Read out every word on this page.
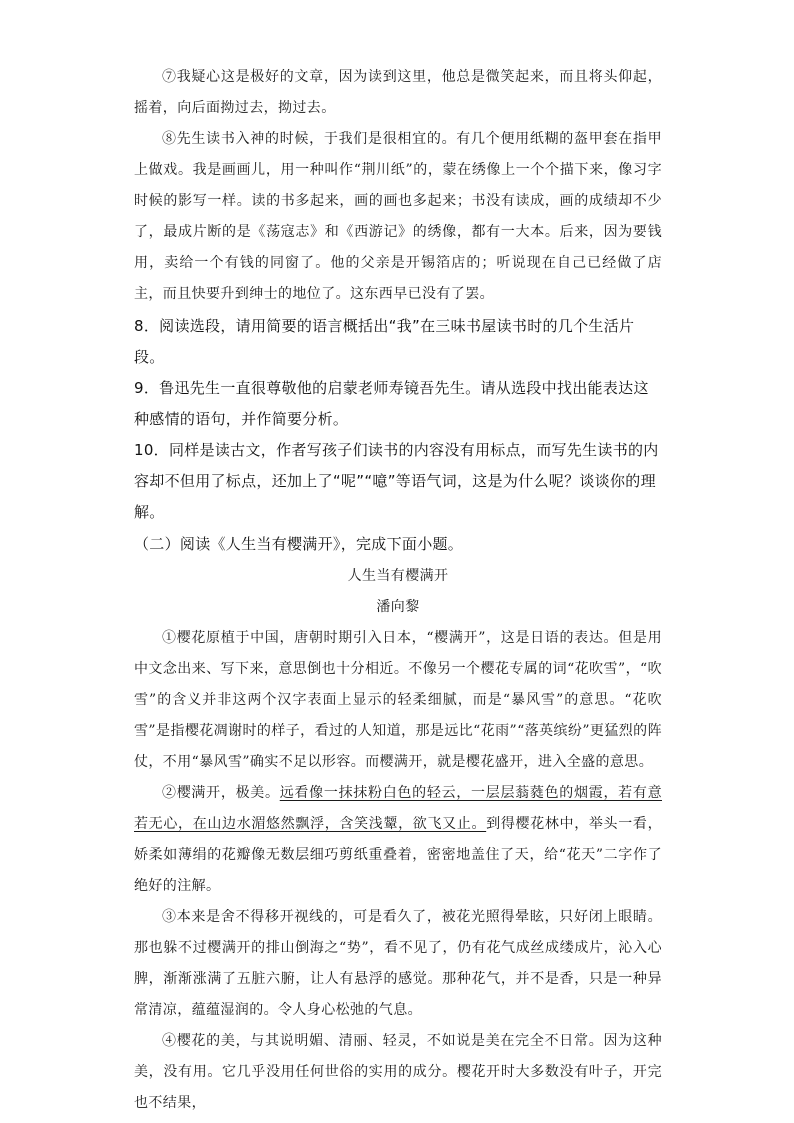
⑦我疑心这是极好的文章，因为读到这里，他总是微笑起来，而且将头仰起，摇着，向后面拗过去，拗过去。

⑧先生读书入神的时候，于我们是很相宜的。有几个便用纸糊的盔甲套在指甲上做戏。我是画画儿，用一种叫作“荆川纸”的，蒙在绣像上一个个描下来，像习字时候的影写一样。读的书多起来，画的画也多起来；书没有读成，画的成绩却不少了，最成片断的是《荡寇志》和《西游记》的绣像，都有一大本。后来，因为要钱用，卖给一个有钱的同窗了。他的父亲是开锡箔店的；听说现在自己已经做了店主，而且快要升到绅士的地位了。这东西早已没有了罢。

8．阅读选段，请用简要的语言概括出“我”在三味书屋读书时的几个生活片段。

9．鲁迅先生一直很尊敬他的启蒙老师寿镜吾先生。请从选段中找出能表达这种感情的语句，并作简要分析。

10．同样是读古文，作者写孩子们读书的内容没有用标点，而写先生读书的内容却不但用了标点，还加上了“呢”“噫”等语气词，这是为什么呢？谈谈你的理解。

（二）阅读《人生当有樱满开》，完成下面小题。

人生当有樱满开

潘向黎

①樱花原植于中国，唐朝时期引入日本，“樱满开”，这是日语的表达。但是用中文念出来、写下来，意思倒也十分相近。不像另一个樱花专属的词“花吹雪”，“吹雪”的含义并非这两个汉字表面上显示的轻柔细腻，而是“暴风雪”的意思。“花吹雪”是指樱花凋谢时的样子，看过的人知道，那是远比“花雨”“落英缤纷”更猛烈的阵仗，不用“暴风雪”确实不足以形容。而樱满开，就是樱花盛开，进入全盛的意思。

②樱满开，极美。远看像一抹抹粉白色的轻云，一层层蓊蕤色的烟霞，若有意若无心，在山边水湄悠然飘浮，含笑浅颦，欲飞又止。到得樱花林中，举头一看，娇柔如薄绢的花瓣像无数层细巧剪纸重叠着，密密地盖住了天，给“花天”二字作了绝好的注解。

③本来是舍不得移开视线的，可是看久了，被花光照得晕眩，只好闭上眼睛。那也躲不过樱满开的排山倒海之“势”，看不见了，仍有花气成丝成缕成片，沁入心脾，渐渐涨满了五脏六腑，让人有悬浮的感觉。那种花气，并不是香，只是一种异常清凉，蕴蕴湿润的。令人身心松弛的气息。

④樱花的美，与其说明媚、清丽、轻灵，不如说是美在完全不日常。因为这种美，没有用。它几乎没用任何世俗的实用的成分。樱花开时大多数没有叶子，开完也不结果，
